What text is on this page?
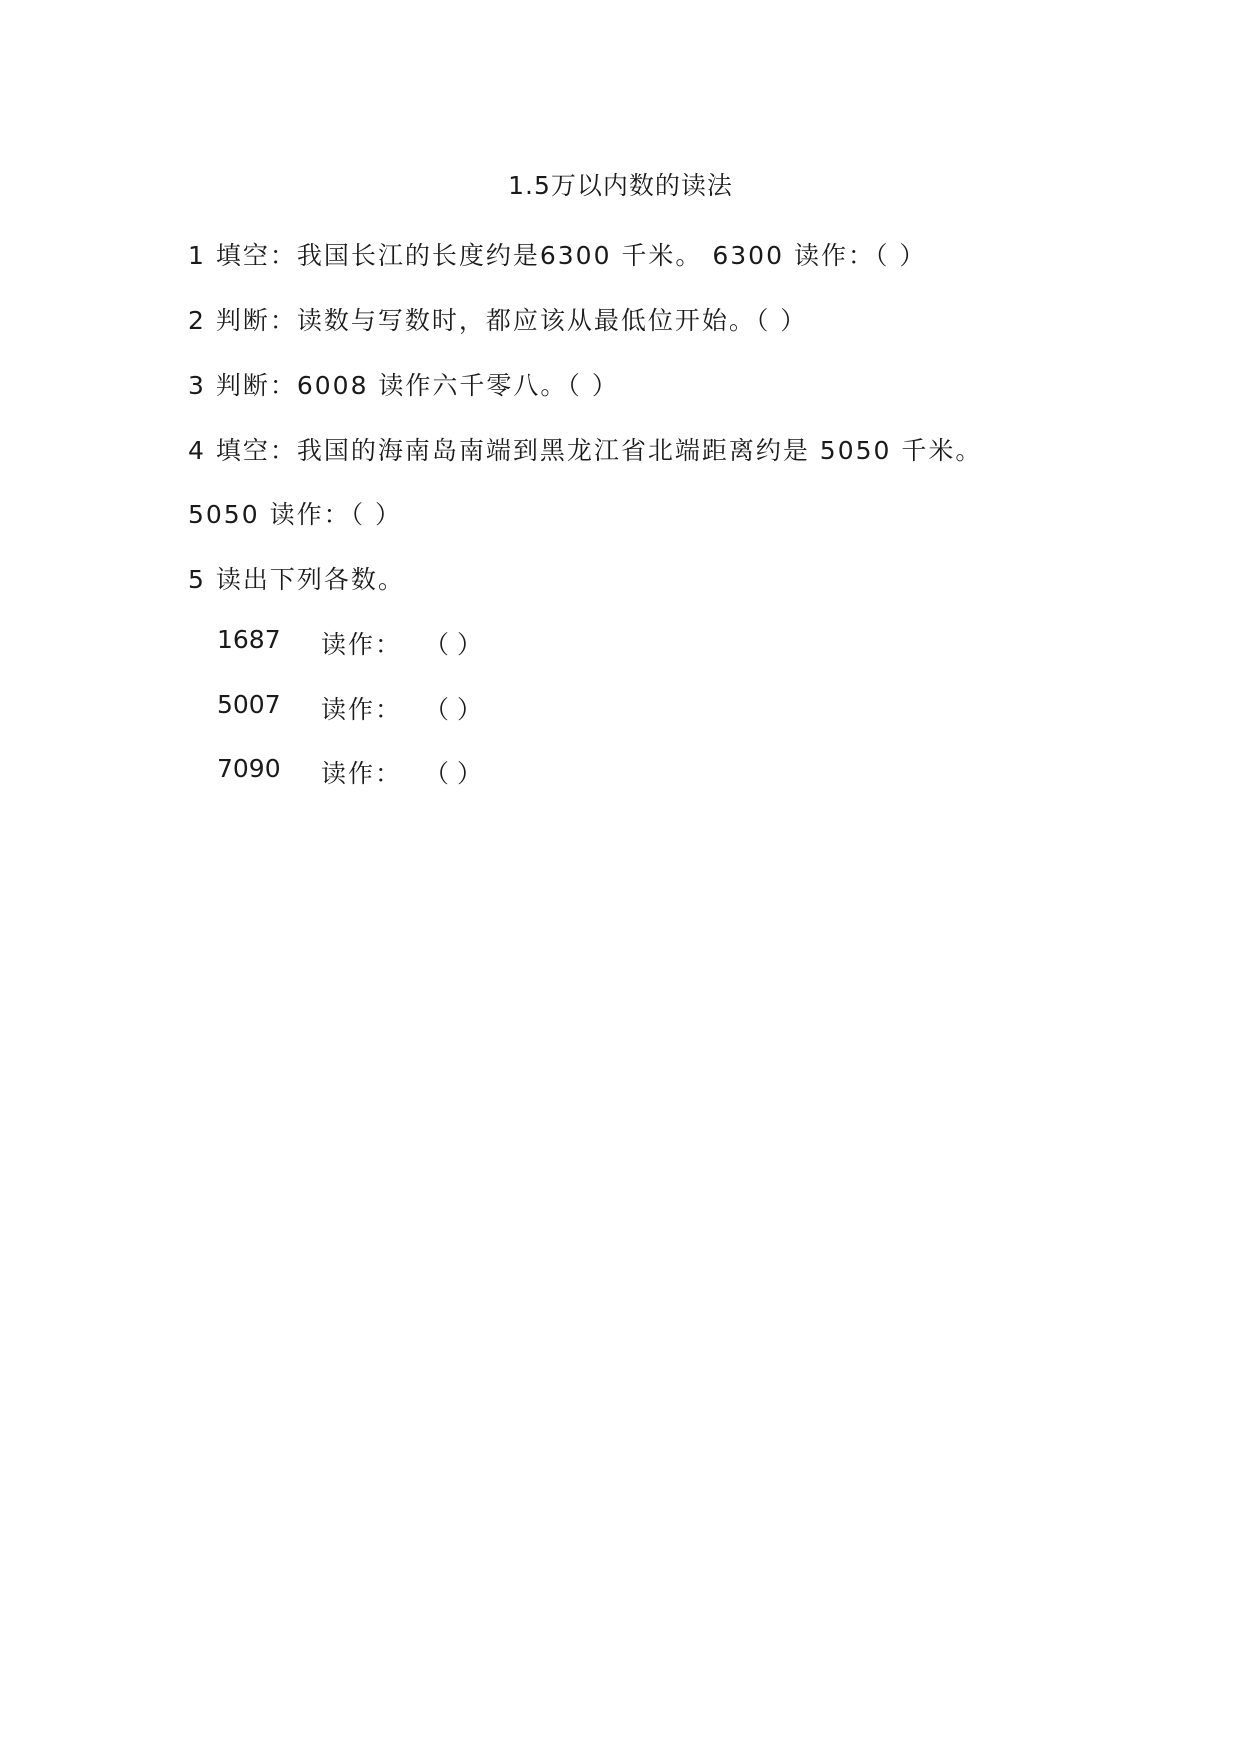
1.5万以内数的读法
1 填空：我国长江的长度约是6300 千米。 6300 读作：（ ）
2 判断：读数与写数时，都应该从最低位开始。（ ）
3 判断：6008 读作六千零八。（ ）
4 填空：我国的海南岛南端到黑龙江省北端距离约是 5050 千米。
5050 读作：（ ）
5 读出下列各数。
1687 读作： （ ）
5007 读作： （ ）
7090 读作： （ ）
